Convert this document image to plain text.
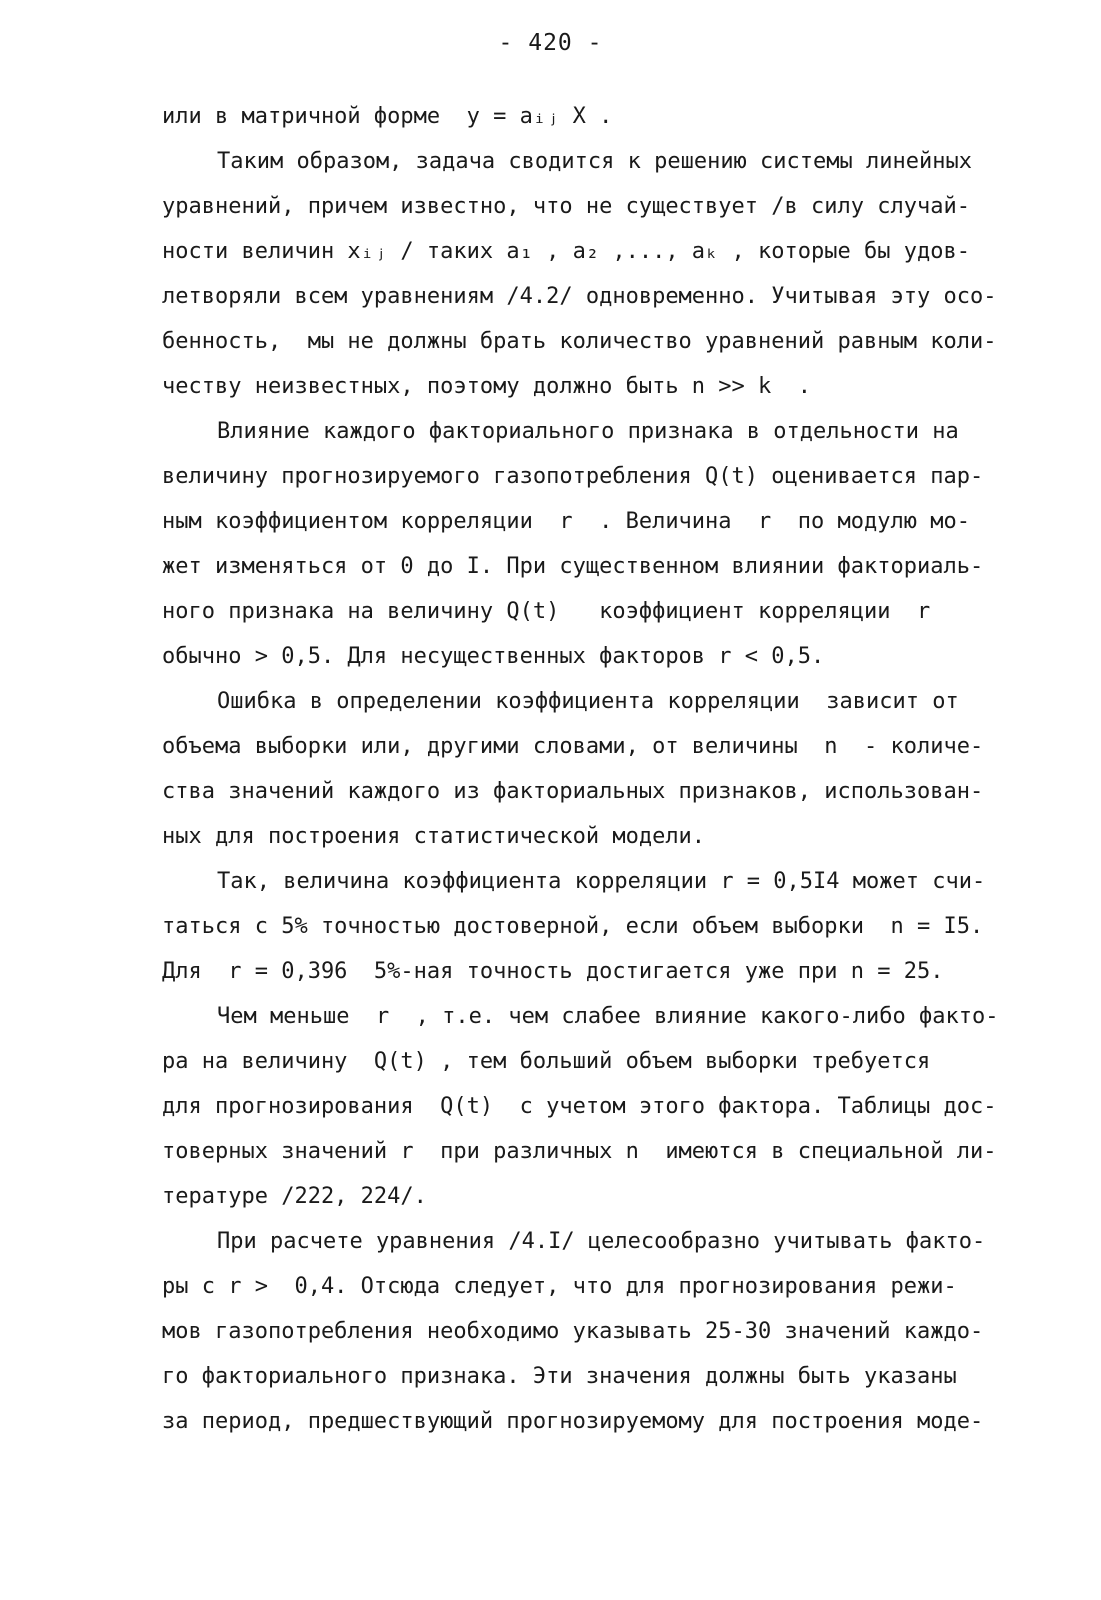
- 420 -
или в матричной форме  y = aᵢⱼ X .
Таким образом, задача сводится к решению системы линейных
уравнений, причем известно, что не существует /в силу случай-
ности величин xᵢⱼ / таких a₁ , a₂ ,..., aₖ , которые бы удов-
летворяли всем уравнениям /4.2/ одновременно. Учитывая эту осо-
бенность,  мы не должны брать количество уравнений равным коли-
честву неизвестных, поэтому должно быть n >> k  .
Влияние каждого факториального признака в отдельности на
величину прогнозируемого газопотребления Q(t) оценивается пар-
ным коэффициентом корреляции  r  . Величина  r  по модулю мо-
жет изменяться от 0 до I. При существенном влиянии факториаль-
ного признака на величину Q(t)   коэффициент корреляции  r
обычно > 0,5. Для несущественных факторов r < 0,5.
Ошибка в определении коэффициента корреляции  зависит от
объема выборки или, другими словами, от величины  n  - количе-
ства значений каждого из факториальных признаков, использован-
ных для построения статистической модели.
Так, величина коэффициента корреляции r = 0,5I4 может счи-
таться с 5% точностью достоверной, если объем выборки  n = I5.
Для  r = 0,396  5%-ная точность достигается уже при n = 25.
Чем меньше  r  , т.е. чем слабее влияние какого-либо факто-
ра на величину  Q(t) , тем больший объем выборки требуется
для прогнозирования  Q(t)  с учетом этого фактора. Таблицы дос-
товерных значений r  при различных n  имеются в специальной ли-
тературе /222, 224/.
При расчете уравнения /4.I/ целесообразно учитывать факто-
ры с r >  0,4. Отсюда следует, что для прогнозирования режи-
мов газопотребления необходимо указывать 25-30 значений каждо-
го факториального признака. Эти значения должны быть указаны
за период, предшествующий прогнозируемому для построения моде-
